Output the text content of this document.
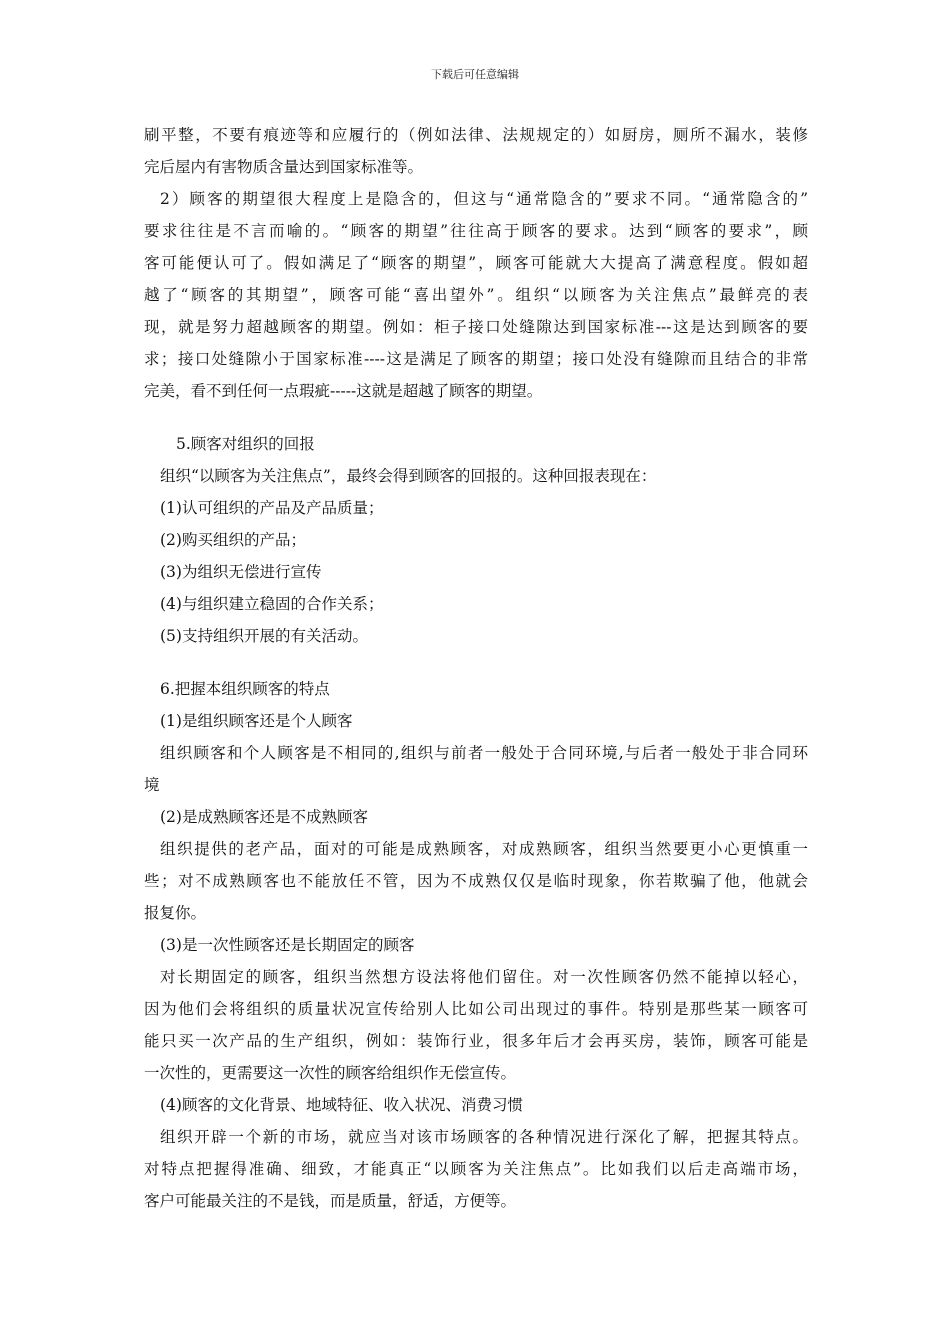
下载后可任意编辑
刷平整，不要有痕迹等和应履行的（例如法律、法规规定的）如厨房，厕所不漏水，装修
完后屋内有害物质含量达到国家标准等。
2）顾客的期望很大程度上是隐含的，但这与“通常隐含的”要求不同。“通常隐含的”
要求往往是不言而喻的。“顾客的期望”往往高于顾客的要求。达到“顾客的要求”，顾
客可能便认可了。假如满足了“顾客的期望”，顾客可能就大大提高了满意程度。假如超
越了“顾客的其期望”，顾客可能“喜出望外”。组织“以顾客为关注焦点”最鲜亮的表
现，就是努力超越顾客的期望。例如：柜子接口处缝隙达到国家标准---这是达到顾客的要
求；接口处缝隙小于国家标准----这是满足了顾客的期望；接口处没有缝隙而且结合的非常
完美，看不到任何一点瑕疵-----这就是超越了顾客的期望。
5.顾客对组织的回报
组织“以顾客为关注焦点”，最终会得到顾客的回报的。这种回报表现在：
(1)认可组织的产品及产品质量；
(2)购买组织的产品；
(3)为组织无偿进行宣传
(4)与组织建立稳固的合作关系；
(5)支持组织开展的有关活动。
6.把握本组织顾客的特点
(1)是组织顾客还是个人顾客
组织顾客和个人顾客是不相同的,组织与前者一般处于合同环境,与后者一般处于非合同环
境
(2)是成熟顾客还是不成熟顾客
组织提供的老产品，面对的可能是成熟顾客，对成熟顾客，组织当然要更小心更慎重一
些；对不成熟顾客也不能放任不管，因为不成熟仅仅是临时现象，你若欺骗了他，他就会
报复你。
(3)是一次性顾客还是长期固定的顾客
对长期固定的顾客，组织当然想方设法将他们留住。对一次性顾客仍然不能掉以轻心，
因为他们会将组织的质量状况宣传给别人比如公司出现过的事件。特别是那些某一顾客可
能只买一次产品的生产组织，例如：装饰行业，很多年后才会再买房，装饰，顾客可能是
一次性的，更需要这一次性的顾客给组织作无偿宣传。
(4)顾客的文化背景、地域特征、收入状况、消费习惯
组织开辟一个新的市场，就应当对该市场顾客的各种情况进行深化了解，把握其特点。
对特点把握得准确、细致，才能真正“以顾客为关注焦点”。比如我们以后走高端市场，
客户可能最关注的不是钱，而是质量，舒适，方便等。
